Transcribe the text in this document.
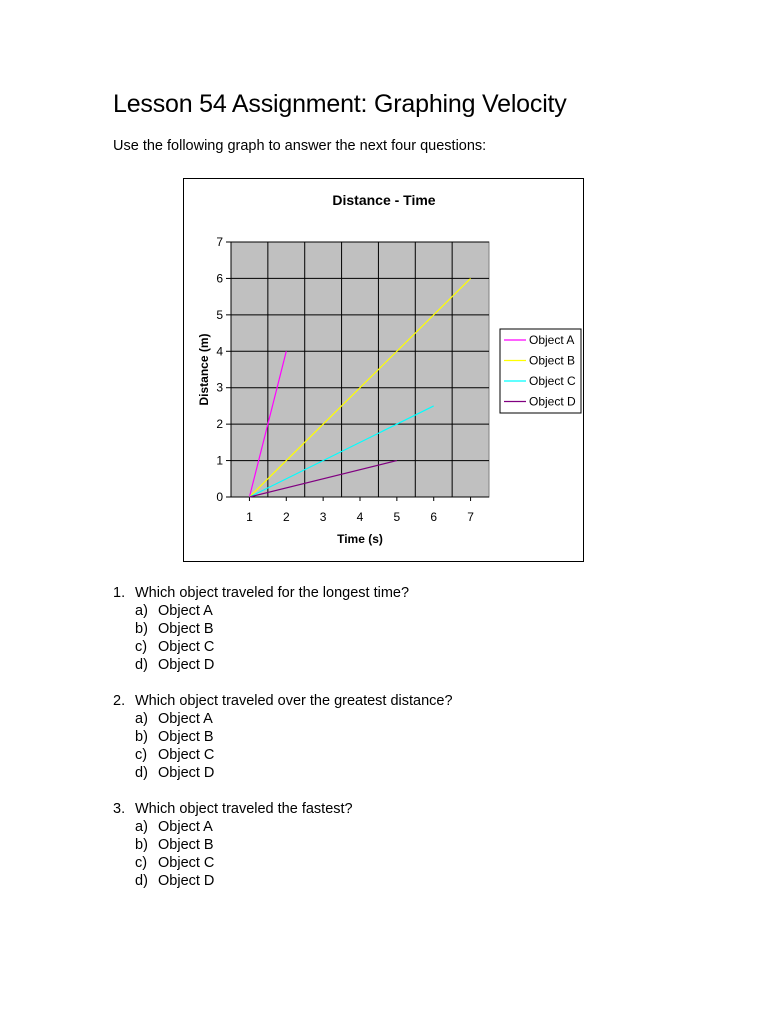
Lesson 54 Assignment: Graphing Velocity
Use the following graph to answer the next four questions:
Distance - Time
0
1
2
3
4
5
6
7
1	2	3	4	5	6	7
Time (s)
Distance (m)	Object A
Object B
Object C
Object D
1. Which object traveled for the longest time?
a) Object A
b) Object B
c) Object C
d) Object D
2. Which object traveled over the greatest distance?
a) Object A
b) Object B
c) Object C
d) Object D
3. Which object traveled the fastest?
a) Object A
b) Object B
c) Object C
d) Object D
